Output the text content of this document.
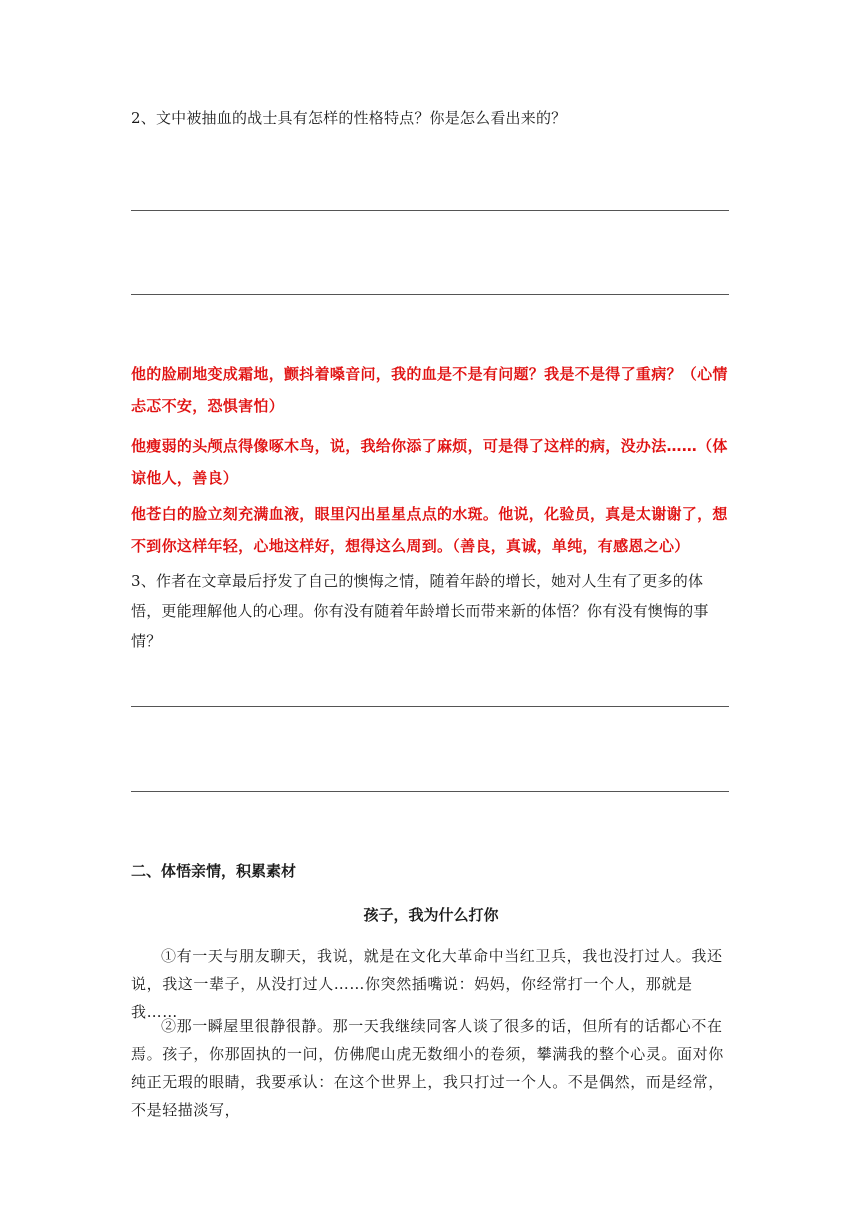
2、文中被抽血的战士具有怎样的性格特点？你是怎么看出来的？
他的脸刷地变成霜地，颤抖着嗓音问，我的血是不是有问题？我是不是得了重病？（心情忐忑不安，恐惧害怕）
他瘦弱的头颅点得像啄木鸟，说，我给你添了麻烦，可是得了这样的病，没办法……（体谅他人，善良）
他苍白的脸立刻充满血液，眼里闪出星星点点的水斑。他说，化验员，真是太谢谢了，想不到你这样年轻，心地这样好，想得这么周到。（善良，真诚，单纯，有感恩之心）
3、作者在文章最后抒发了自己的懊悔之情，随着年龄的增长，她对人生有了更多的体悟，更能理解他人的心理。你有没有随着年龄增长而带来新的体悟？你有没有懊悔的事情？
二、体悟亲情，积累素材
孩子，我为什么打你
①有一天与朋友聊天，我说，就是在文化大革命中当红卫兵，我也没打过人。我还说，我这一辈子，从没打过人……你突然插嘴说：妈妈，你经常打一个人，那就是我……
②那一瞬屋里很静很静。那一天我继续同客人谈了很多的话，但所有的话都心不在焉。孩子，你那固执的一问，仿佛爬山虎无数细小的卷须，攀满我的整个心灵。面对你纯正无瑕的眼睛，我要承认：在这个世界上，我只打过一个人。不是偶然，而是经常，不是轻描淡写，
